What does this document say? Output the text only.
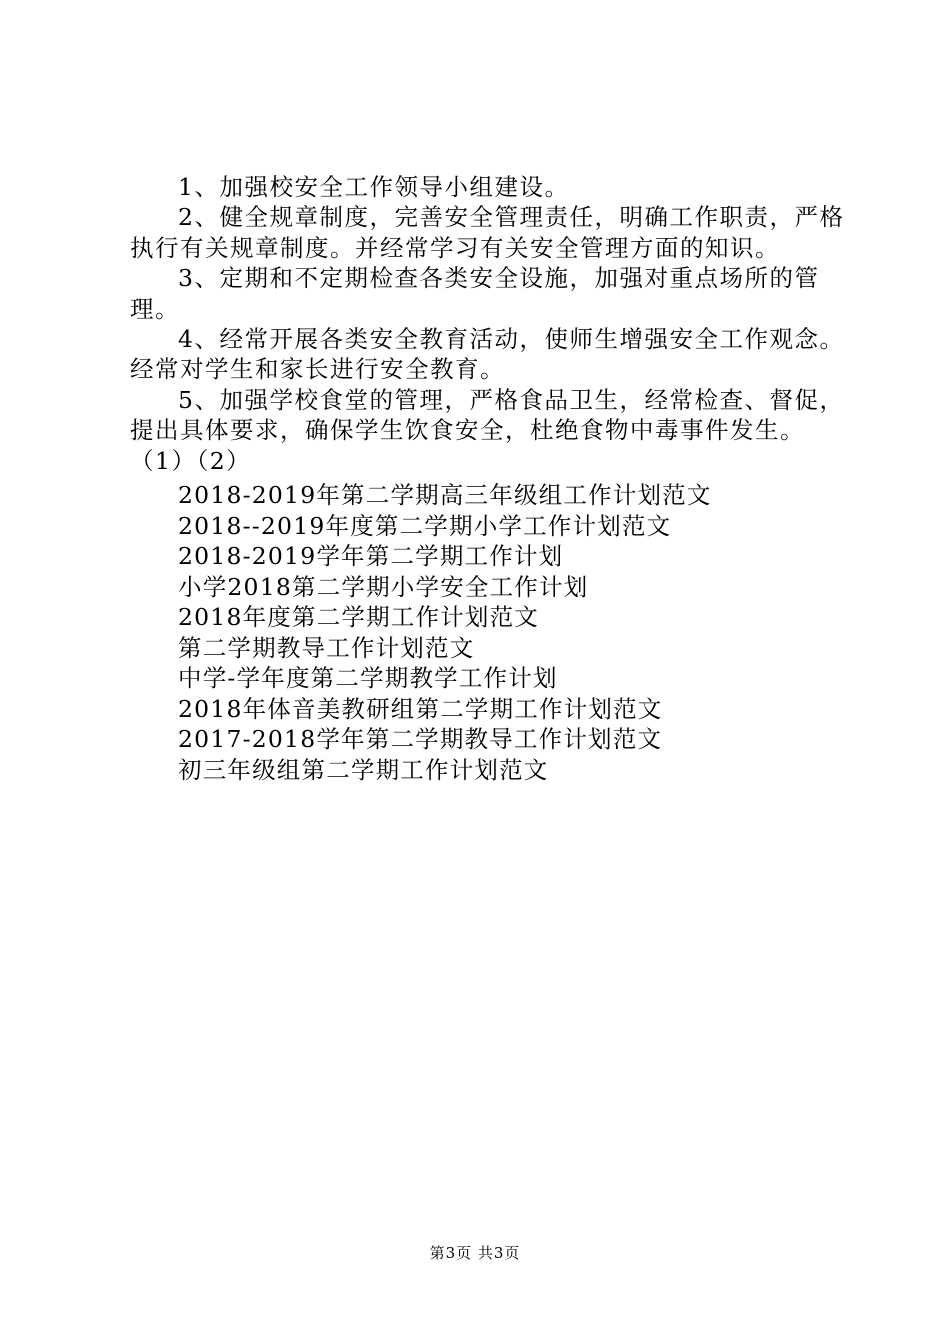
1、加强校安全工作领导小组建设。

2、健全规章制度，完善安全管理责任，明确工作职责，严格执行有关规章制度。并经常学习有关安全管理方面的知识。

3、定期和不定期检查各类安全设施，加强对重点场所的管理。

4、经常开展各类安全教育活动，使师生增强安全工作观念。经常对学生和家长进行安全教育。

5、加强学校食堂的管理，严格食品卫生，经常检查、督促，提出具体要求，确保学生饮食安全，杜绝食物中毒事件发生。

（1）（2）

2018-2019年第二学期高三年级组工作计划范文
2018--2019年度第二学期小学工作计划范文
2018-2019学年第二学期工作计划
小学2018第二学期小学安全工作计划
2018年度第二学期工作计划范文
第二学期教导工作计划范文
中学-学年度第二学期教学工作计划
2018年体音美教研组第二学期工作计划范文
2017-2018学年第二学期教导工作计划范文
初三年级组第二学期工作计划范文
第3页 共3页
